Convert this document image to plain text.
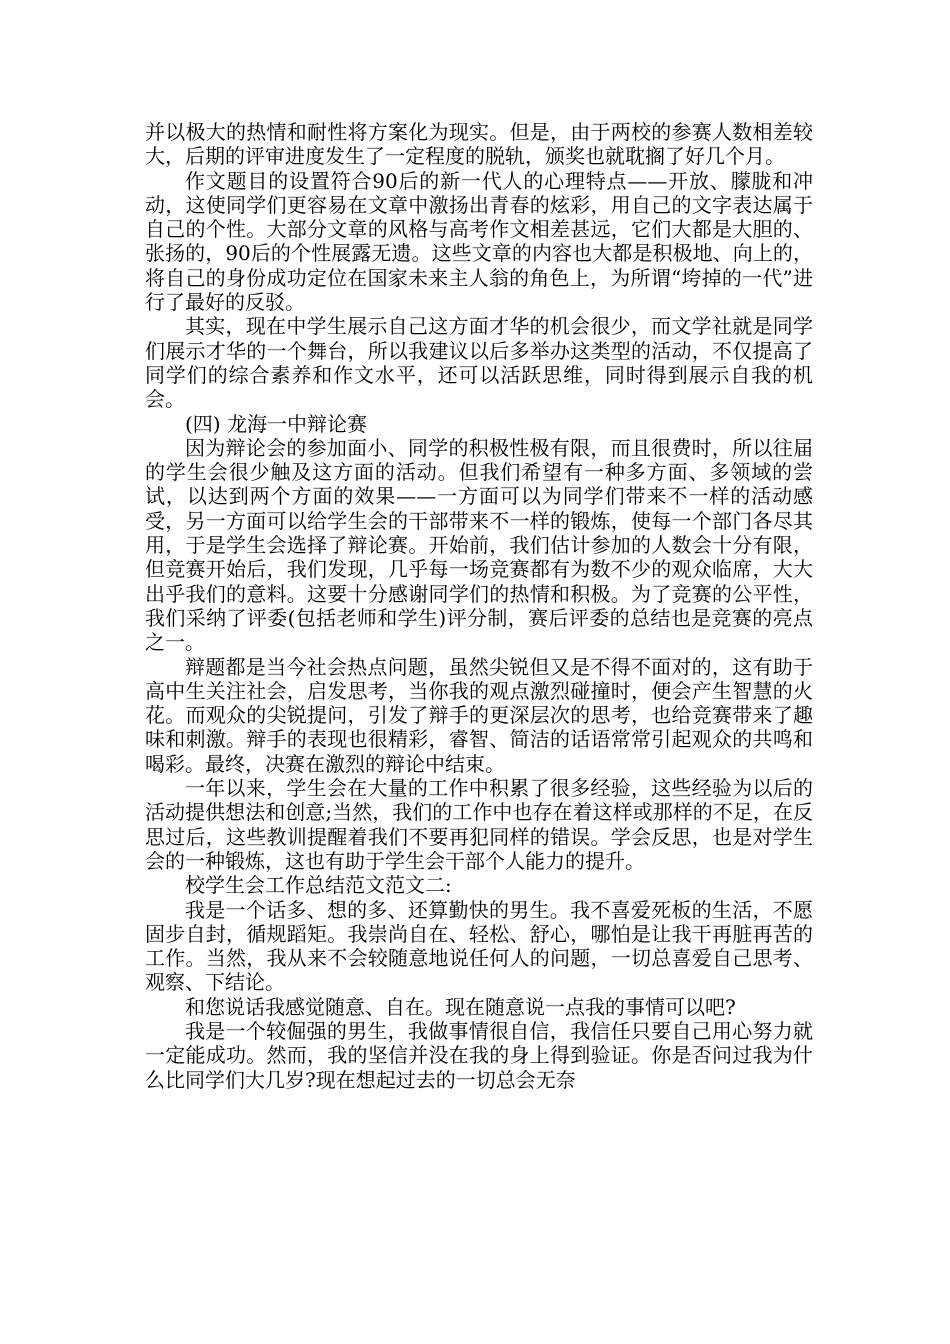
并以极大的热情和耐性将方案化为现实。但是，由于两校的参赛人数相差较大，后期的评审进度发生了一定程度的脱轨，颁奖也就耽搁了好几个月。

作文题目的设置符合90后的新一代人的心理特点——开放、朦胧和冲动，这使同学们更容易在文章中激扬出青春的炫彩，用自己的文字表达属于自己的个性。大部分文章的风格与高考作文相差甚远，它们大都是大胆的、张扬的，90后的个性展露无遗。这些文章的内容也大都是积极地、向上的，将自己的身份成功定位在国家未来主人翁的角色上，为所谓“垮掉的一代”进行了最好的反驳。

其实，现在中学生展示自己这方面才华的机会很少，而文学社就是同学们展示才华的一个舞台，所以我建议以后多举办这类型的活动，不仅提高了同学们的综合素养和作文水平，还可以活跃思维，同时得到展示自我的机会。

(四) 龙海一中辩论赛

因为辩论会的参加面小、同学的积极性极有限，而且很费时，所以往届的学生会很少触及这方面的活动。但我们希望有一种多方面、多领域的尝试，以达到两个方面的效果——一方面可以为同学们带来不一样的活动感受，另一方面可以给学生会的干部带来不一样的锻炼，使每一个部门各尽其用，于是学生会选择了辩论赛。开始前，我们估计参加的人数会十分有限，但竞赛开始后，我们发现，几乎每一场竞赛都有为数不少的观众临席，大大出乎我们的意料。这要十分感谢同学们的热情和积极。为了竞赛的公平性，我们采纳了评委(包括老师和学生)评分制，赛后评委的总结也是竞赛的亮点之一。

辩题都是当今社会热点问题，虽然尖锐但又是不得不面对的，这有助于高中生关注社会，启发思考，当你我的观点激烈碰撞时，便会产生智慧的火花。而观众的尖锐提问，引发了辩手的更深层次的思考，也给竞赛带来了趣味和刺激。辩手的表现也很精彩，睿智、简洁的话语常常引起观众的共鸣和喝彩。最终，决赛在激烈的辩论中结束。

一年以来，学生会在大量的工作中积累了很多经验，这些经验为以后的活动提供想法和创意;当然，我们的工作中也存在着这样或那样的不足，在反思过后，这些教训提醒着我们不要再犯同样的错误。学会反思，也是对学生会的一种锻炼，这也有助于学生会干部个人能力的提升。

校学生会工作总结范文范文二:

我是一个话多、想的多、还算勤快的男生。我不喜爱死板的生活，不愿固步自封，循规蹈矩。我崇尚自在、轻松、舒心，哪怕是让我干再脏再苦的工作。当然，我从来不会较随意地说任何人的问题，一切总喜爱自己思考、观察、下结论。

和您说话我感觉随意、自在。现在随意说一点我的事情可以吧?

我是一个较倔强的男生，我做事情很自信，我信任只要自己用心努力就一定能成功。然而，我的坚信并没在我的身上得到验证。你是否问过我为什么比同学们大几岁?现在想起过去的一切总会无奈
